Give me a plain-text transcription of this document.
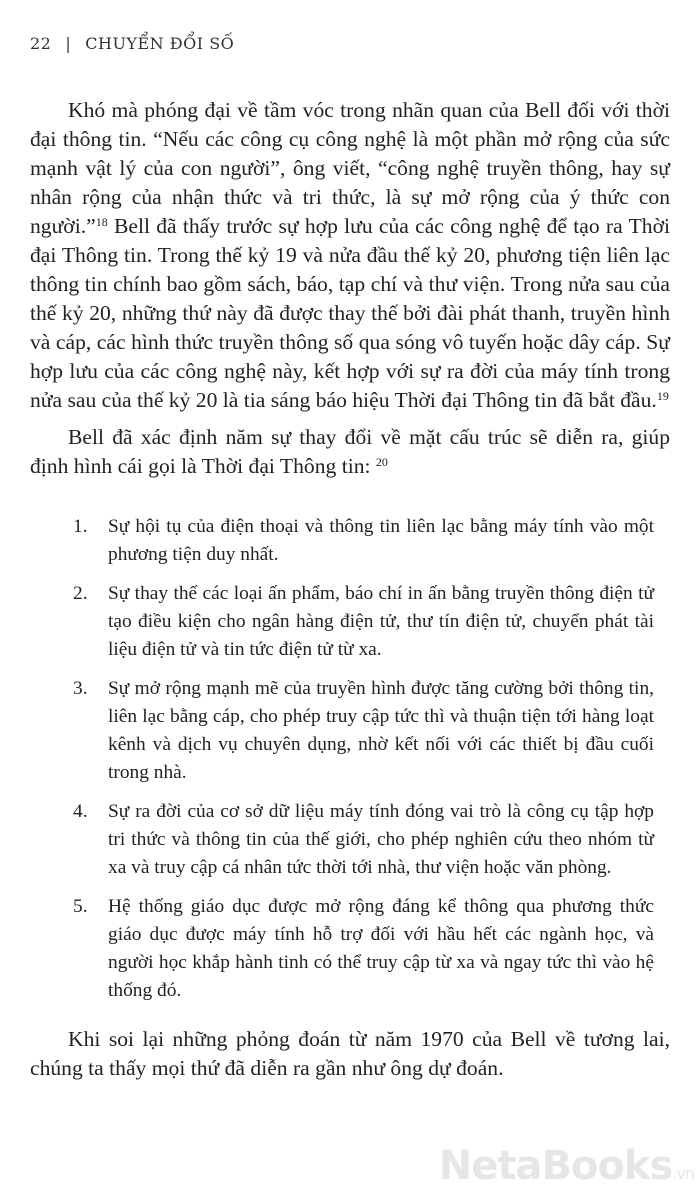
22 | CHUYỂN ĐỔI SỐ

Khó mà phóng đại về tầm vóc trong nhãn quan của Bell đối với thời đại thông tin. “Nếu các công cụ công nghệ là một phần mở rộng của sức mạnh vật lý của con người”, ông viết, “công nghệ truyền thông, hay sự nhân rộng của nhận thức và tri thức, là sự mở rộng của ý thức con người.”$^{18}$ Bell đã thấy trước sự hợp lưu của các công nghệ để tạo ra Thời đại Thông tin. Trong thế kỷ 19 và nửa đầu thế kỷ 20, phương tiện liên lạc thông tin chính bao gồm sách, báo, tạp chí và thư viện. Trong nửa sau của thế kỷ 20, những thứ này đã được thay thế bởi đài phát thanh, truyền hình và cáp, các hình thức truyền thông số qua sóng vô tuyến hoặc dây cáp. Sự hợp lưu của các công nghệ này, kết hợp với sự ra đời của máy tính trong nửa sau của thế kỷ 20 là tia sáng báo hiệu Thời đại Thông tin đã bắt đầu.$^{19}$

Bell đã xác định năm sự thay đổi về mặt cấu trúc sẽ diễn ra, giúp định hình cái gọi là Thời đại Thông tin: $^{20}$

1. Sự hội tụ của điện thoại và thông tin liên lạc bằng máy tính vào một phương tiện duy nhất.
2. Sự thay thế các loại ấn phẩm, báo chí in ấn bằng truyền thông điện tử tạo điều kiện cho ngân hàng điện tử, thư tín điện tử, chuyển phát tài liệu điện tử và tin tức điện tử từ xa.
3. Sự mở rộng mạnh mẽ của truyền hình được tăng cường bởi thông tin, liên lạc bằng cáp, cho phép truy cập tức thì và thuận tiện tới hàng loạt kênh và dịch vụ chuyên dụng, nhờ kết nối với các thiết bị đầu cuối trong nhà.
4. Sự ra đời của cơ sở dữ liệu máy tính đóng vai trò là công cụ tập hợp tri thức và thông tin của thế giới, cho phép nghiên cứu theo nhóm từ xa và truy cập cá nhân tức thời tới nhà, thư viện hoặc văn phòng.
5. Hệ thống giáo dục được mở rộng đáng kể thông qua phương thức giáo dục được máy tính hỗ trợ đối với hầu hết các ngành học, và người học khắp hành tinh có thể truy cập từ xa và ngay tức thì vào hệ thống đó.

Khi soi lại những phỏng đoán từ năm 1970 của Bell về tương lai, chúng ta thấy mọi thứ đã diễn ra gần như ông dự đoán.

NetaBooks.vn
